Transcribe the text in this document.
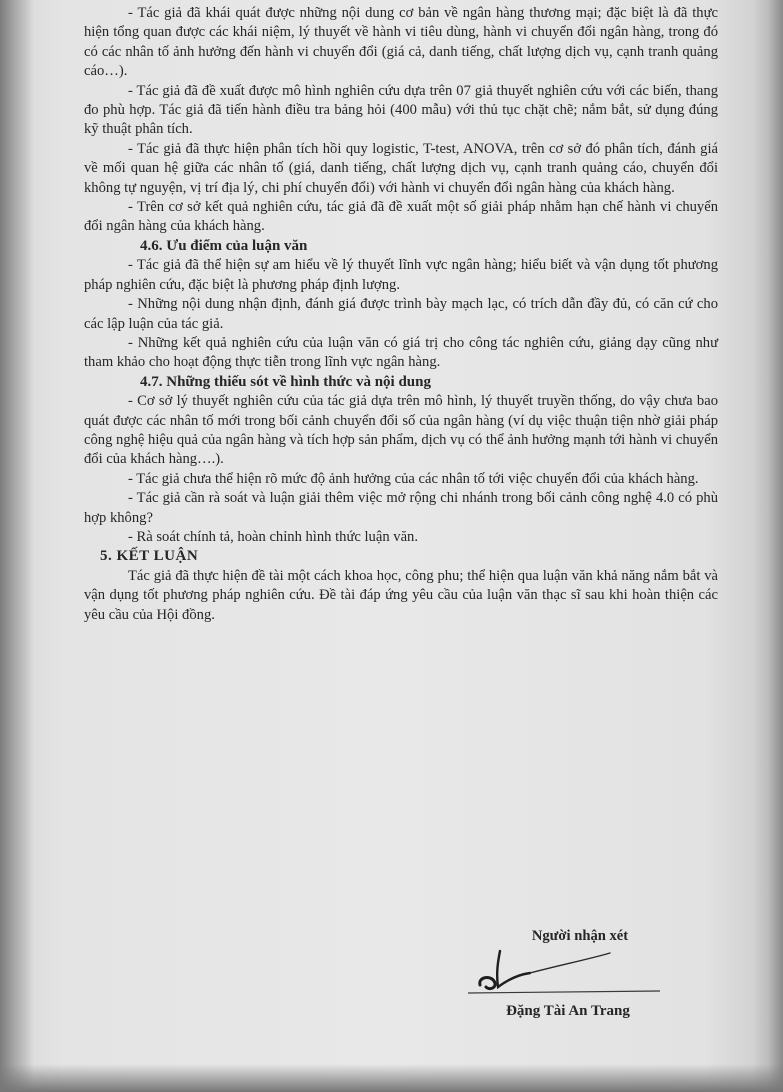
- Tác giả đã khái quát được những nội dung cơ bản về ngân hàng thương mại; đặc biệt là đã thực hiện tổng quan được các khái niệm, lý thuyết về hành vi tiêu dùng, hành vi chuyển đổi ngân hàng, trong đó có các nhân tố ảnh hưởng đến hành vi chuyển đổi (giá cả, danh tiếng, chất lượng dịch vụ, cạnh tranh quảng cáo…).

- Tác giả đã đề xuất được mô hình nghiên cứu dựa trên 07 giả thuyết nghiên cứu với các biến, thang đo phù hợp. Tác giả đã tiến hành điều tra bảng hỏi (400 mẫu) với thủ tục chặt chẽ; nắm bắt, sử dụng đúng kỹ thuật phân tích.

- Tác giả đã thực hiện phân tích hồi quy logistic, T-test, ANOVA, trên cơ sở đó phân tích, đánh giá về mối quan hệ giữa các nhân tố (giá, danh tiếng, chất lượng dịch vụ, cạnh tranh quảng cáo, chuyển đổi không tự nguyện, vị trí địa lý, chi phí chuyển đổi) với hành vi chuyển đổi ngân hàng của khách hàng.

- Trên cơ sở kết quả nghiên cứu, tác giả đã đề xuất một số giải pháp nhằm hạn chế hành vi chuyển đổi ngân hàng của khách hàng.

4.6. Ưu điểm của luận văn

- Tác giả đã thể hiện sự am hiểu về lý thuyết lĩnh vực ngân hàng; hiểu biết và vận dụng tốt phương pháp nghiên cứu, đặc biệt là phương pháp định lượng.

- Những nội dung nhận định, đánh giá được trình bày mạch lạc, có trích dẫn đầy đủ, có căn cứ cho các lập luận của tác giả.

- Những kết quả nghiên cứu của luận văn có giá trị cho công tác nghiên cứu, giảng dạy cũng như tham khảo cho hoạt động thực tiễn trong lĩnh vực ngân hàng.

4.7. Những thiếu sót về hình thức và nội dung

- Cơ sở lý thuyết nghiên cứu của tác giả dựa trên mô hình, lý thuyết truyền thống, do vậy chưa bao quát được các nhân tố mới trong bối cảnh chuyển đổi số của ngân hàng (ví dụ việc thuận tiện nhờ giải pháp công nghệ hiệu quả của ngân hàng và tích hợp sản phẩm, dịch vụ có thể ảnh hưởng mạnh tới hành vi chuyển đổi của khách hàng….).

- Tác giả chưa thể hiện rõ mức độ ảnh hưởng của các nhân tố tới việc chuyển đổi của khách hàng.

- Tác giả cần rà soát và luận giải thêm việc mở rộng chi nhánh trong bối cảnh công nghệ 4.0 có phù hợp không?

- Rà soát chính tả, hoàn chỉnh hình thức luận văn.

5. KẾT LUẬN

Tác giả đã thực hiện đề tài một cách khoa học, công phu; thể hiện qua luận văn khả năng nắm bắt và vận dụng tốt phương pháp nghiên cứu. Đề tài đáp ứng yêu cầu của luận văn thạc sĩ sau khi hoàn thiện các yêu cầu của Hội đồng.

Người nhận xét
Đặng Tài An Trang
